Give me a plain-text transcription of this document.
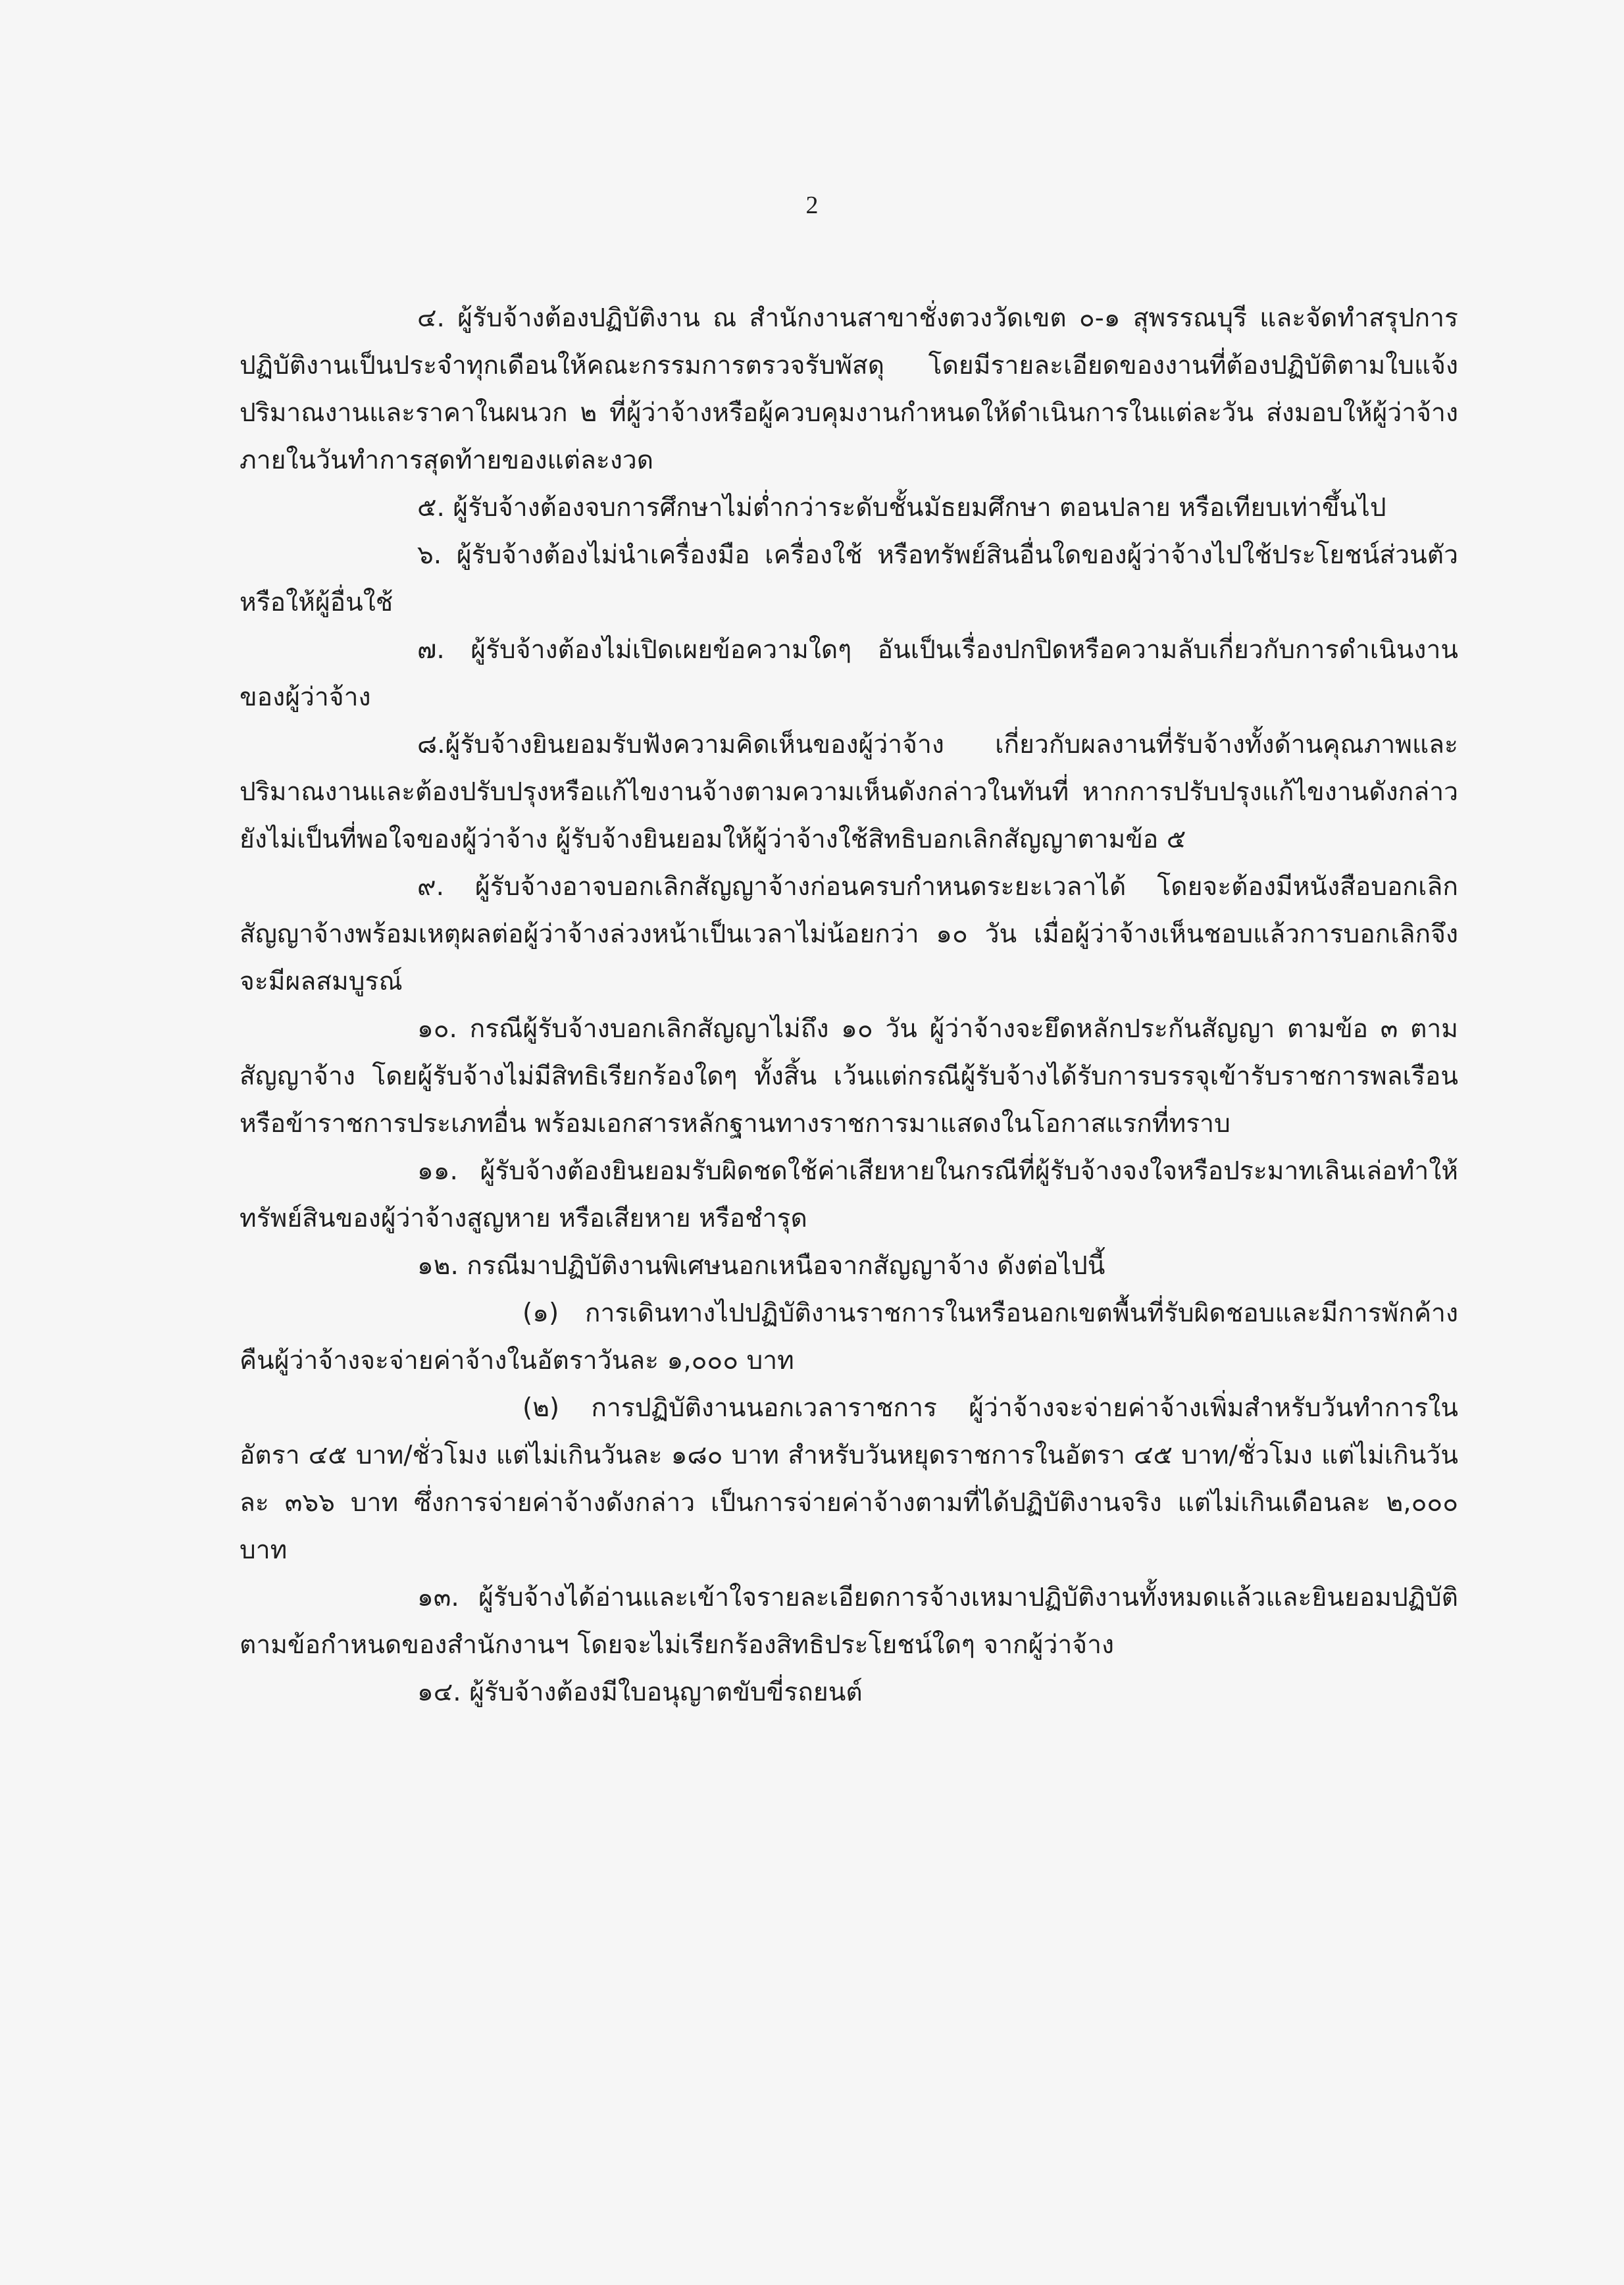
2

๔. ผู้รับจ้างต้องปฏิบัติงาน ณ สำนักงานสาขาชั่งตวงวัดเขต ๐-๑ สุพรรณบุรี และจัดทำสรุปการปฏิบัติงานเป็นประจำทุกเดือนให้คณะกรรมการตรวจรับพัสดุ โดยมีรายละเอียดของงานที่ต้องปฏิบัติตามใบแจ้งปริมาณงานและราคาในผนวก ๒ ที่ผู้ว่าจ้างหรือผู้ควบคุมงานกำหนดให้ดำเนินการในแต่ละวัน ส่งมอบให้ผู้ว่าจ้างภายในวันทำการสุดท้ายของแต่ละงวด

๕. ผู้รับจ้างต้องจบการศึกษาไม่ต่ำกว่าระดับชั้นมัธยมศึกษา ตอนปลาย หรือเทียบเท่าขึ้นไป

๖. ผู้รับจ้างต้องไม่นำเครื่องมือ เครื่องใช้ หรือทรัพย์สินอื่นใดของผู้ว่าจ้างไปใช้ประโยชน์ส่วนตัวหรือให้ผู้อื่นใช้

๗. ผู้รับจ้างต้องไม่เปิดเผยข้อความใดๆ อันเป็นเรื่องปกปิดหรือความลับเกี่ยวกับการดำเนินงานของผู้ว่าจ้าง

๘.ผู้รับจ้างยินยอมรับฟังความคิดเห็นของผู้ว่าจ้าง เกี่ยวกับผลงานที่รับจ้างทั้งด้านคุณภาพและปริมาณงานและต้องปรับปรุงหรือแก้ไขงานจ้างตามความเห็นดังกล่าวในทันที่ หากการปรับปรุงแก้ไขงานดังกล่าวยังไม่เป็นที่พอใจของผู้ว่าจ้าง ผู้รับจ้างยินยอมให้ผู้ว่าจ้างใช้สิทธิบอกเลิกสัญญาตามข้อ ๕

๙. ผู้รับจ้างอาจบอกเลิกสัญญาจ้างก่อนครบกำหนดระยะเวลาได้ โดยจะต้องมีหนังสือบอกเลิกสัญญาจ้างพร้อมเหตุผลต่อผู้ว่าจ้างล่วงหน้าเป็นเวลาไม่น้อยกว่า ๑๐ วัน เมื่อผู้ว่าจ้างเห็นชอบแล้วการบอกเลิกจึงจะมีผลสมบูรณ์

๑๐. กรณีผู้รับจ้างบอกเลิกสัญญาไม่ถึง ๑๐ วัน ผู้ว่าจ้างจะยึดหลักประกันสัญญา ตามข้อ ๓ ตามสัญญาจ้าง โดยผู้รับจ้างไม่มีสิทธิเรียกร้องใดๆ ทั้งสิ้น เว้นแต่กรณีผู้รับจ้างได้รับการบรรจุเข้ารับราชการพลเรือน หรือข้าราชการประเภทอื่น พร้อมเอกสารหลักฐานทางราชการมาแสดงในโอกาสแรกที่ทราบ

๑๑. ผู้รับจ้างต้องยินยอมรับผิดชดใช้ค่าเสียหายในกรณีที่ผู้รับจ้างจงใจหรือประมาทเลินเล่อทำให้ทรัพย์สินของผู้ว่าจ้างสูญหาย หรือเสียหาย หรือชำรุด

๑๒. กรณีมาปฏิบัติงานพิเศษนอกเหนือจากสัญญาจ้าง ดังต่อไปนี้

(๑) การเดินทางไปปฏิบัติงานราชการในหรือนอกเขตพื้นที่รับผิดชอบและมีการพักค้างคืนผู้ว่าจ้างจะจ่ายค่าจ้างในอัตราวันละ ๑,๐๐๐ บาท

(๒) การปฏิบัติงานนอกเวลาราชการ ผู้ว่าจ้างจะจ่ายค่าจ้างเพิ่มสำหรับวันทำการในอัตรา ๔๕ บาท/ชั่วโมง แต่ไม่เกินวันละ ๑๘๐ บาท สำหรับวันหยุดราชการในอัตรา ๔๕ บาท/ชั่วโมง แต่ไม่เกินวันละ ๓๖๖ บาท ซึ่งการจ่ายค่าจ้างดังกล่าว เป็นการจ่ายค่าจ้างตามที่ได้ปฏิบัติงานจริง แต่ไม่เกินเดือนละ ๒,๐๐๐ บาท

๑๓. ผู้รับจ้างได้อ่านและเข้าใจรายละเอียดการจ้างเหมาปฏิบัติงานทั้งหมดแล้วและยินยอมปฏิบัติตามข้อกำหนดของสำนักงานฯ โดยจะไม่เรียกร้องสิทธิประโยชน์ใดๆ จากผู้ว่าจ้าง

๑๔. ผู้รับจ้างต้องมีใบอนุญาตขับขี่รถยนต์
